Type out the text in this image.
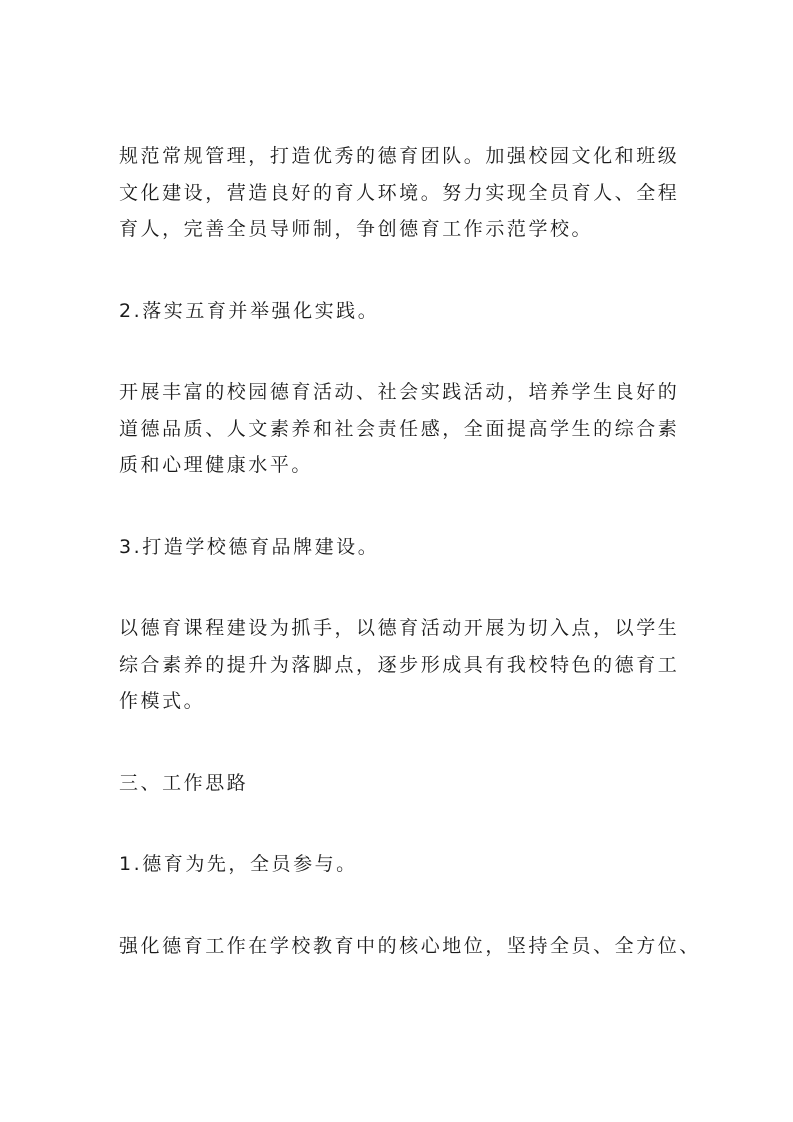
规范常规管理，打造优秀的德育团队。加强校园文化和班级
文化建设，营造良好的育人环境。努力实现全员育人、全程
育人，完善全员导师制，争创德育工作示范学校。

2.落实五育并举强化实践。

开展丰富的校园德育活动、社会实践活动，培养学生良好的
道德品质、人文素养和社会责任感，全面提高学生的综合素
质和心理健康水平。

3.打造学校德育品牌建设。

以德育课程建设为抓手，以德育活动开展为切入点，以学生
综合素养的提升为落脚点，逐步形成具有我校特色的德育工
作模式。

三、工作思路

1.德育为先，全员参与。

强化德育工作在学校教育中的核心地位，坚持全员、全方位、
